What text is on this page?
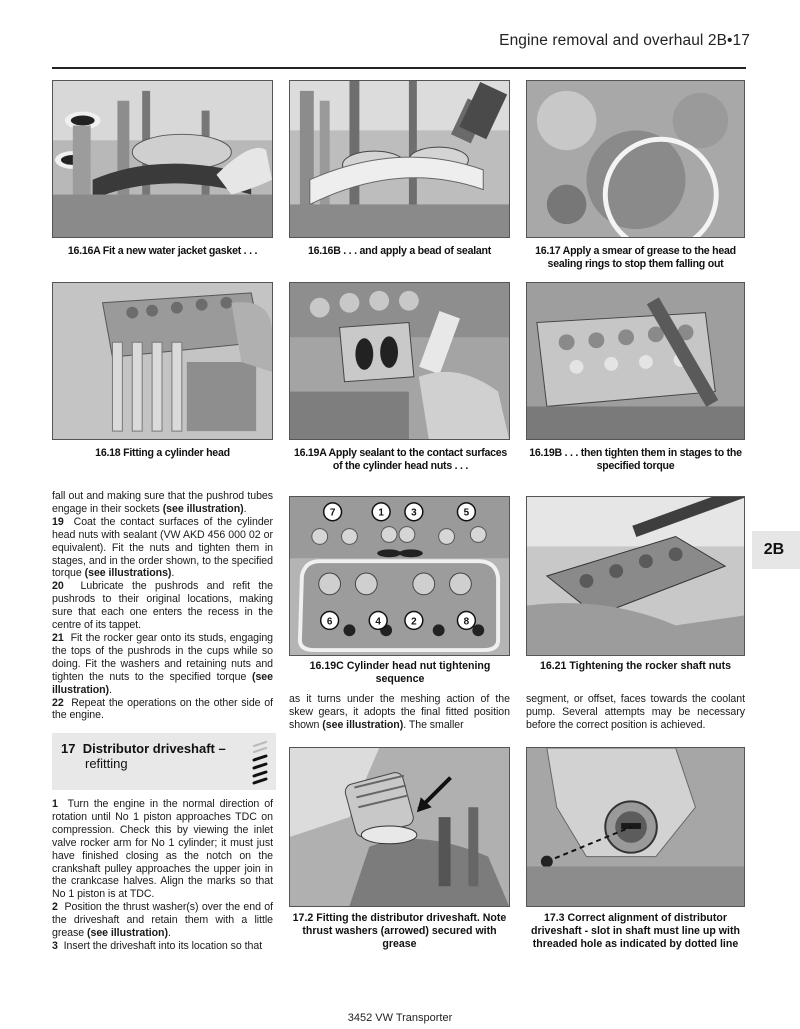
Engine removal and overhaul 2B•17
16.16A Fit a new water jacket gasket . . .	16.16B . . . and apply a bead of sealant	16.17 Apply a smear of grease to the head sealing rings to stop them falling out
16.18 Fitting a cylinder head	16.19A Apply sealant to the contact surfaces of the cylinder head nuts . . .
16.19B . . . then tighten them in stages to the specified torque

fall out and making sure that the pushrod tubes engage in their sockets (see illustration).

19 Coat the contact surfaces of the cylinder head nuts with sealant (VW AKD 456 000 02 or equivalent). Fit the nuts and tighten them in stages, and in the order shown, to the specified torque (see illustrations).

20 Lubricate the pushrods and refit the pushrods to their original locations, making sure that each one enters the recess in the centre of its tappet.

21 Fit the rocker gear onto its studs, engaging the tops of the pushrods in the cups while so doing. Fit the washers and retaining nuts and tighten the nuts to the specified torque (see illustration).

22 Repeat the operations on the other side of the engine.

17 Distributor driveshaft –
refitting

1 Turn the engine in the normal direction of rotation until No 1 piston approaches TDC on compression. Check this by viewing the inlet valve rocker arm for No 1 cylinder; it must just have finished closing as the notch on the crankshaft pulley approaches the upper join in the crankcase halves. Align the marks so that No 1 piston is at TDC.

2 Position the thrust washer(s) over the end of the driveshaft and retain them with a little grease (see illustration).

3 Insert the driveshaft into its location so that

7	1	3	5
6	4	2	8
16.19C Cylinder head nut tightening sequence
16.21 Tightening the rocker shaft nuts

as it turns under the meshing action of the skew gears, it adopts the final fitted position shown (see illustration). The smaller

segment, or offset, faces towards the coolant pump. Several attempts may be necessary before the correct position is achieved.

17.2 Fitting the distributor driveshaft. Note thrust washers (arrowed) secured with grease
17.3 Correct alignment of distributor driveshaft - slot in shaft must line up with threaded hole as indicated by dotted line
2B
3452 VW Transporter
